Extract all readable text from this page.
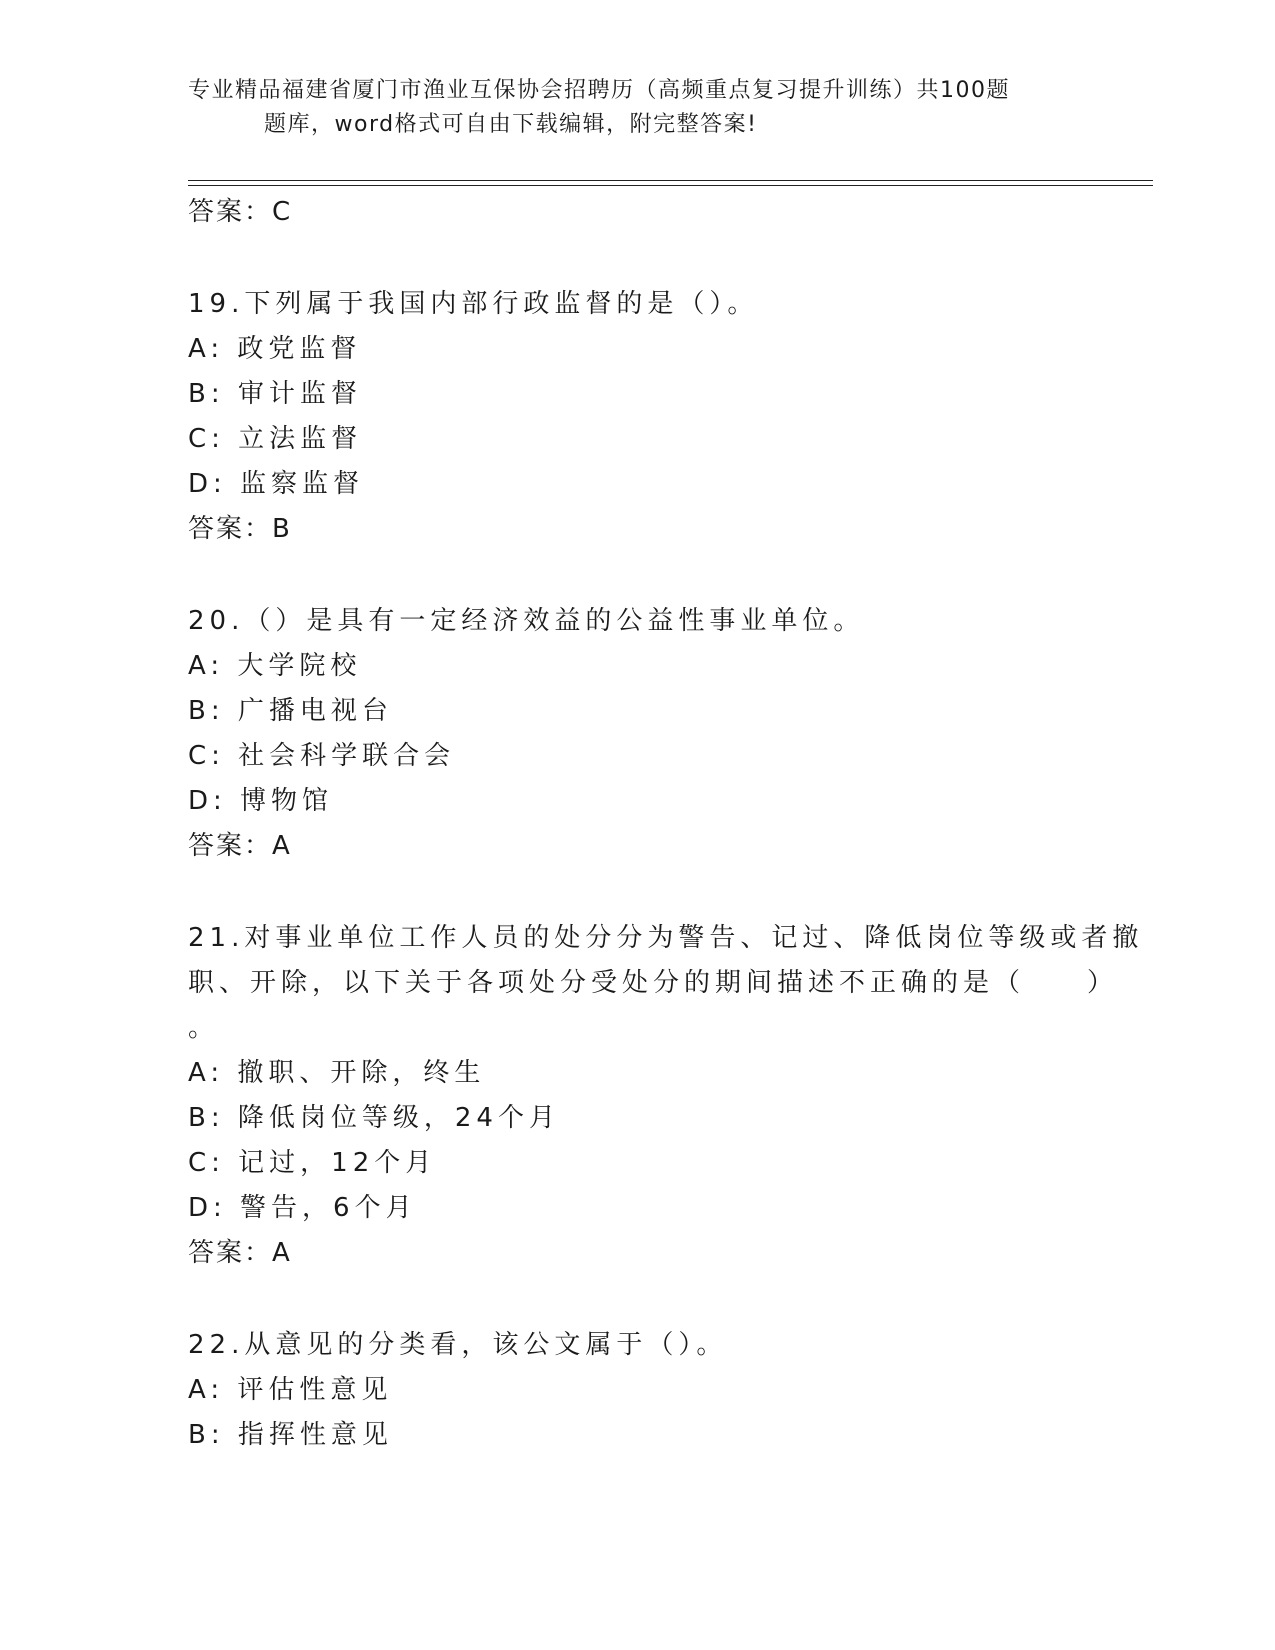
专业精品福建省厦门市渔业互保协会招聘历（高频重点复习提升训练）共100题
题库，word格式可自由下载编辑，附完整答案!
答案：C
19.下列属于我国内部行政监督的是（）。
A: 政党监督
B: 审计监督
C: 立法监督
D: 监察监督
答案：B
20.（）是具有一定经济效益的公益性事业单位。
A: 大学院校
B: 广播电视台
C: 社会科学联合会
D: 博物馆
答案：A
21.对事业单位工作人员的处分分为警告、记过、降低岗位等级或者撤
职、开除，以下关于各项处分受处分的期间描述不正确的是（　　）
。
A: 撤职、开除，终生
B: 降低岗位等级，24个月
C: 记过，12个月
D: 警告，6个月
答案：A
22.从意见的分类看，该公文属于（）。
A: 评估性意见
B: 指挥性意见
